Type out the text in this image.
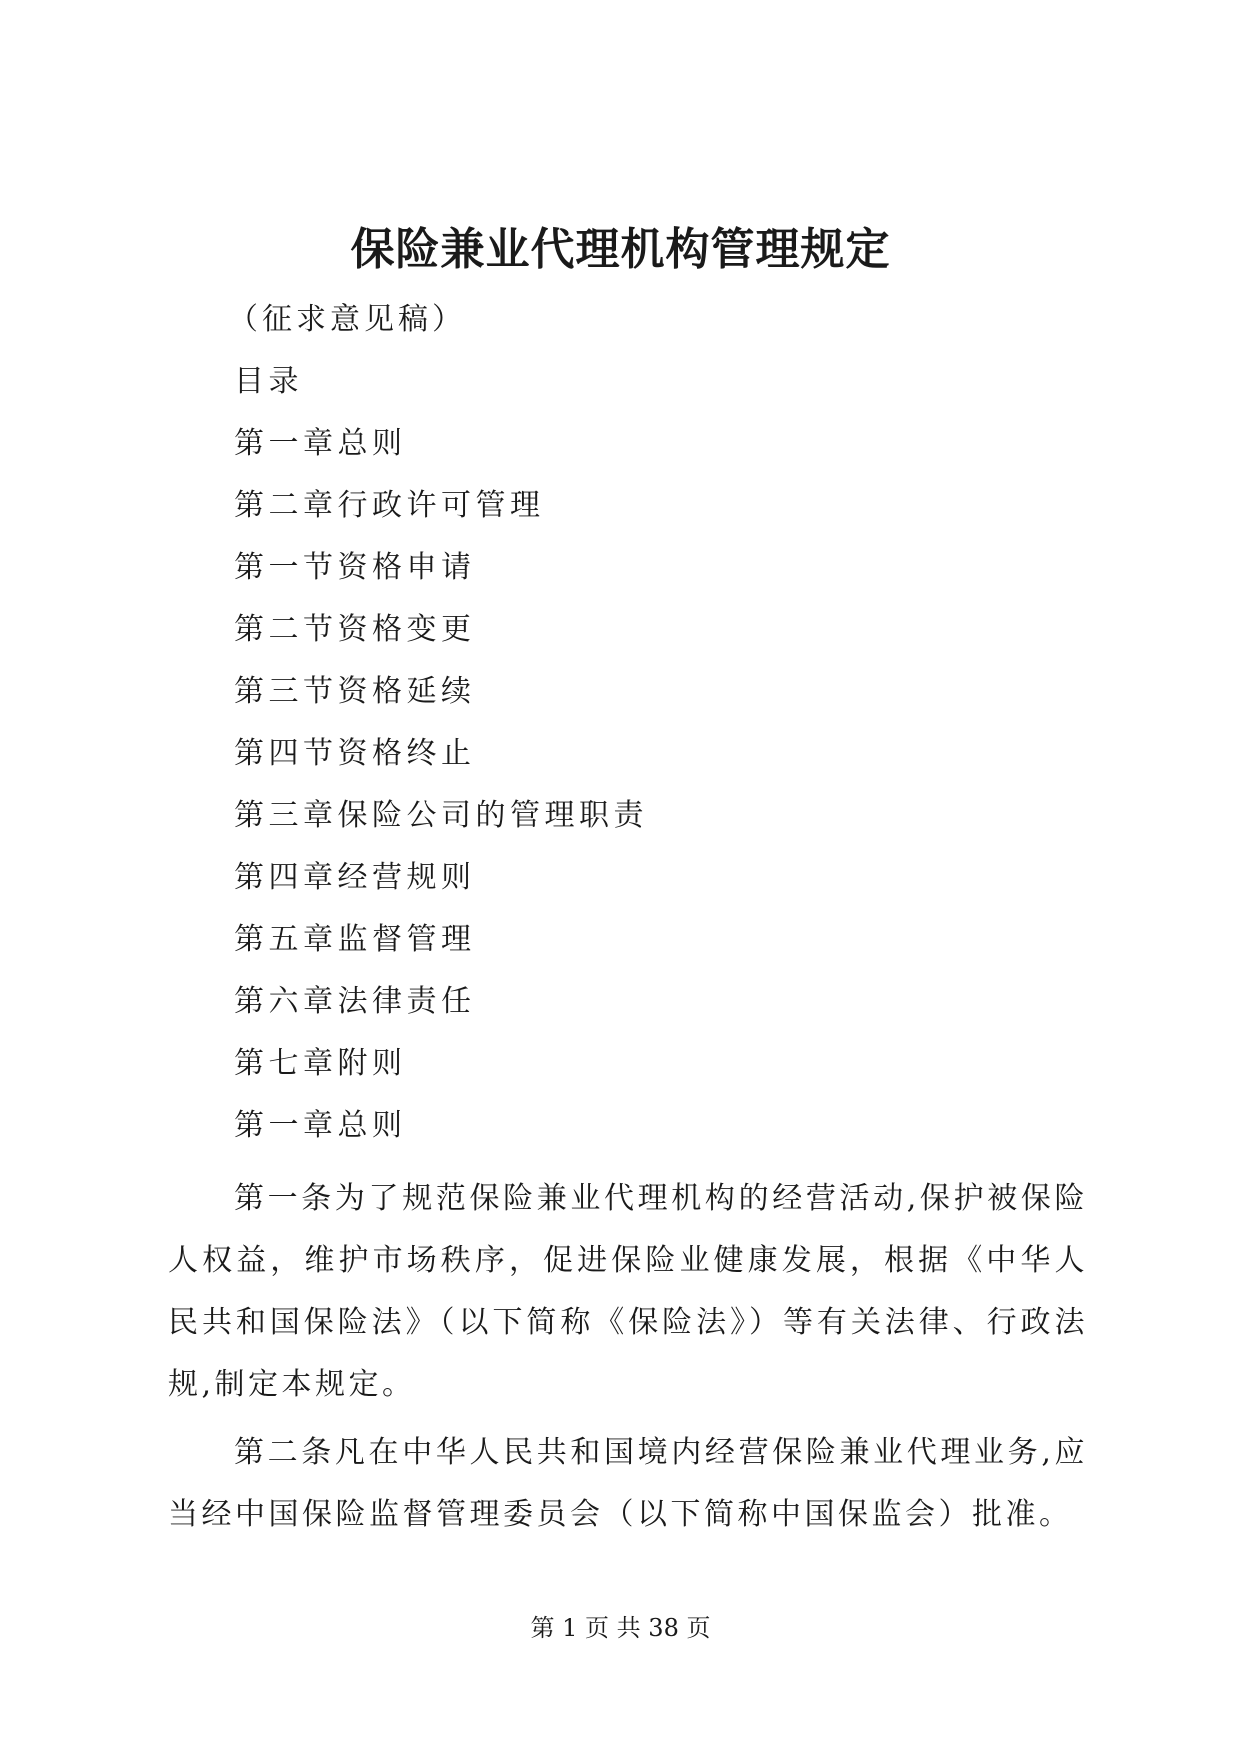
保险兼业代理机构管理规定
（征求意见稿）
目录
第一章总则
第二章行政许可管理
第一节资格申请
第二节资格变更
第三节资格延续
第四节资格终止
第三章保险公司的管理职责
第四章经营规则
第五章监督管理
第六章法律责任
第七章附则
第一章总则

第一条为了规范保险兼业代理机构的经营活动,保护被保险人权益，维护市场秩序，促进保险业健康发展，根据《中华人民共和国保险法》（以下简称《保险法》）等有关法律、行政法规,制定本规定。

第二条凡在中华人民共和国境内经营保险兼业代理业务,应当经中国保险监督管理委员会（以下简称中国保监会）批准。

第 1 页 共 38 页
